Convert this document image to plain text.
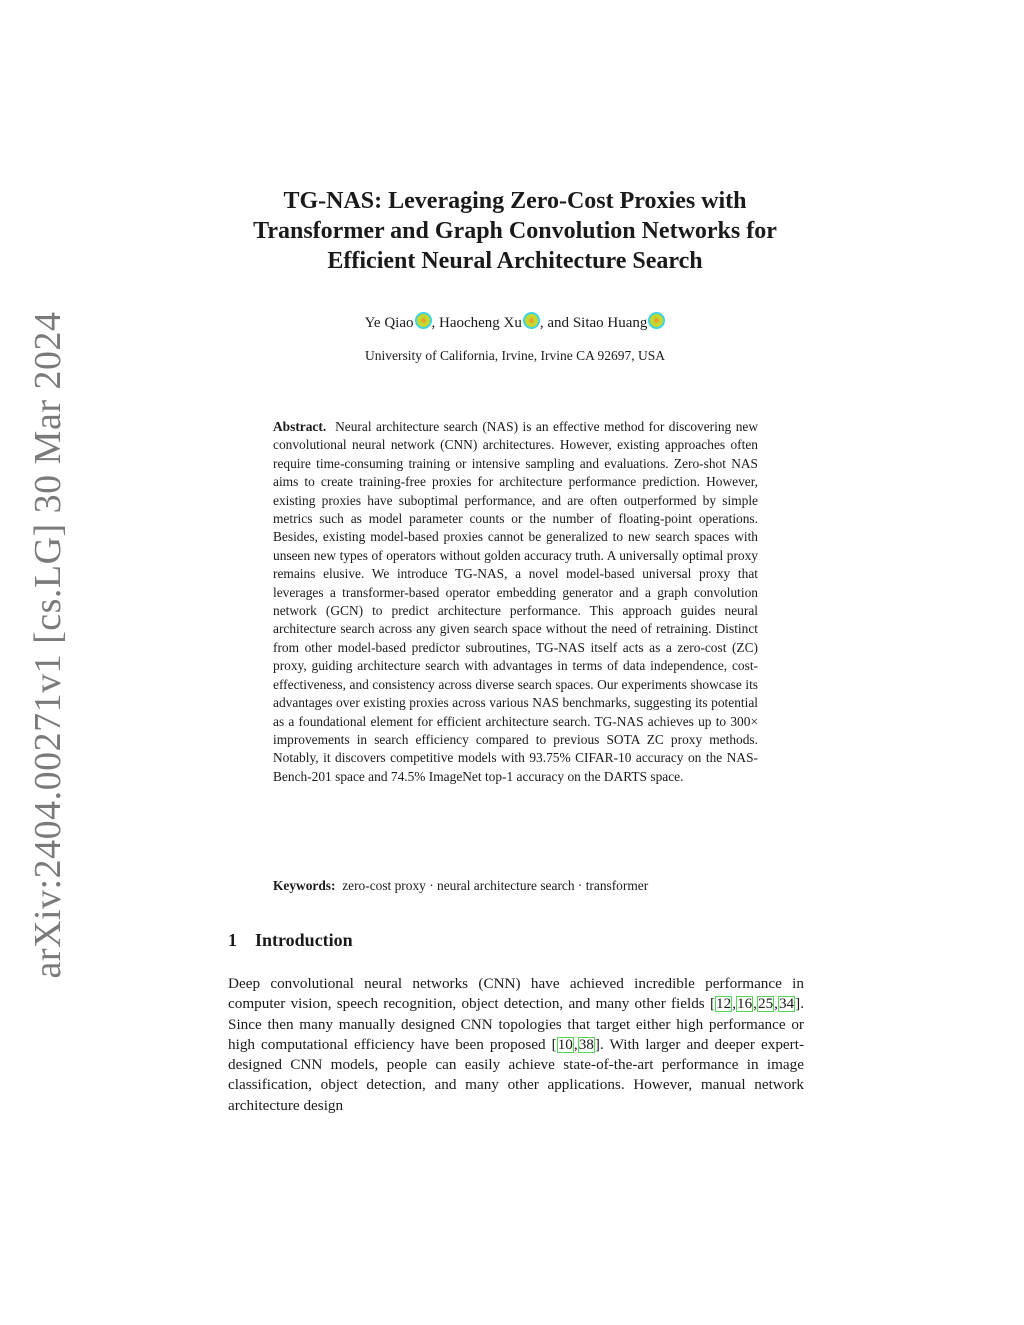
arXiv:2404.00271v1 [cs.LG] 30 Mar 2024
TG-NAS: Leveraging Zero-Cost Proxies with
Transformer and Graph Convolution Networks for
Efficient Neural Architecture Search
Ye Qiao , Haocheng Xu , and Sitao Huang
University of California, Irvine, Irvine CA 92697, USA

Abstract. Neural architecture search (NAS) is an effective method for discovering new convolutional neural network (CNN) architectures. However, existing approaches often require time-consuming training or intensive sampling and evaluations. Zero-shot NAS aims to create training-free proxies for architecture performance prediction. However, existing proxies have suboptimal performance, and are often outperformed by simple metrics such as model parameter counts or the number of floating-point operations. Besides, existing model-based proxies cannot be generalized to new search spaces with unseen new types of operators without golden accuracy truth. A universally optimal proxy remains elusive. We introduce TG-NAS, a novel model-based universal proxy that leverages a transformer-based operator embedding generator and a graph convolution network (GCN) to predict architecture performance. This approach guides neural architecture search across any given search space without the need of retraining. Distinct from other model-based predictor subroutines, TG-NAS itself acts as a zero-cost (ZC) proxy, guiding architecture search with advantages in terms of data independence, cost-effectiveness, and consistency across diverse search spaces. Our experiments showcase its advantages over existing proxies across various NAS benchmarks, suggesting its potential as a foundational element for efficient architecture search. TG-NAS achieves up to 300× improvements in search efficiency compared to previous SOTA ZC proxy methods. Notably, it discovers competitive models with 93.75% CIFAR-10 accuracy on the NAS-Bench-201 space and 74.5% ImageNet top-1 accuracy on the DARTS space.

Keywords: zero-cost proxy · neural architecture search · transformer

1 Introduction

Deep convolutional neural networks (CNN) have achieved incredible performance in computer vision, speech recognition, object detection, and many other fields [12,16,25,34]. Since then many manually designed CNN topologies that target either high performance or high computational efficiency have been proposed [10,38]. With larger and deeper expert-designed CNN models, people can easily achieve state-of-the-art performance in image classification, object detection, and many other applications. However, manual network architecture design
